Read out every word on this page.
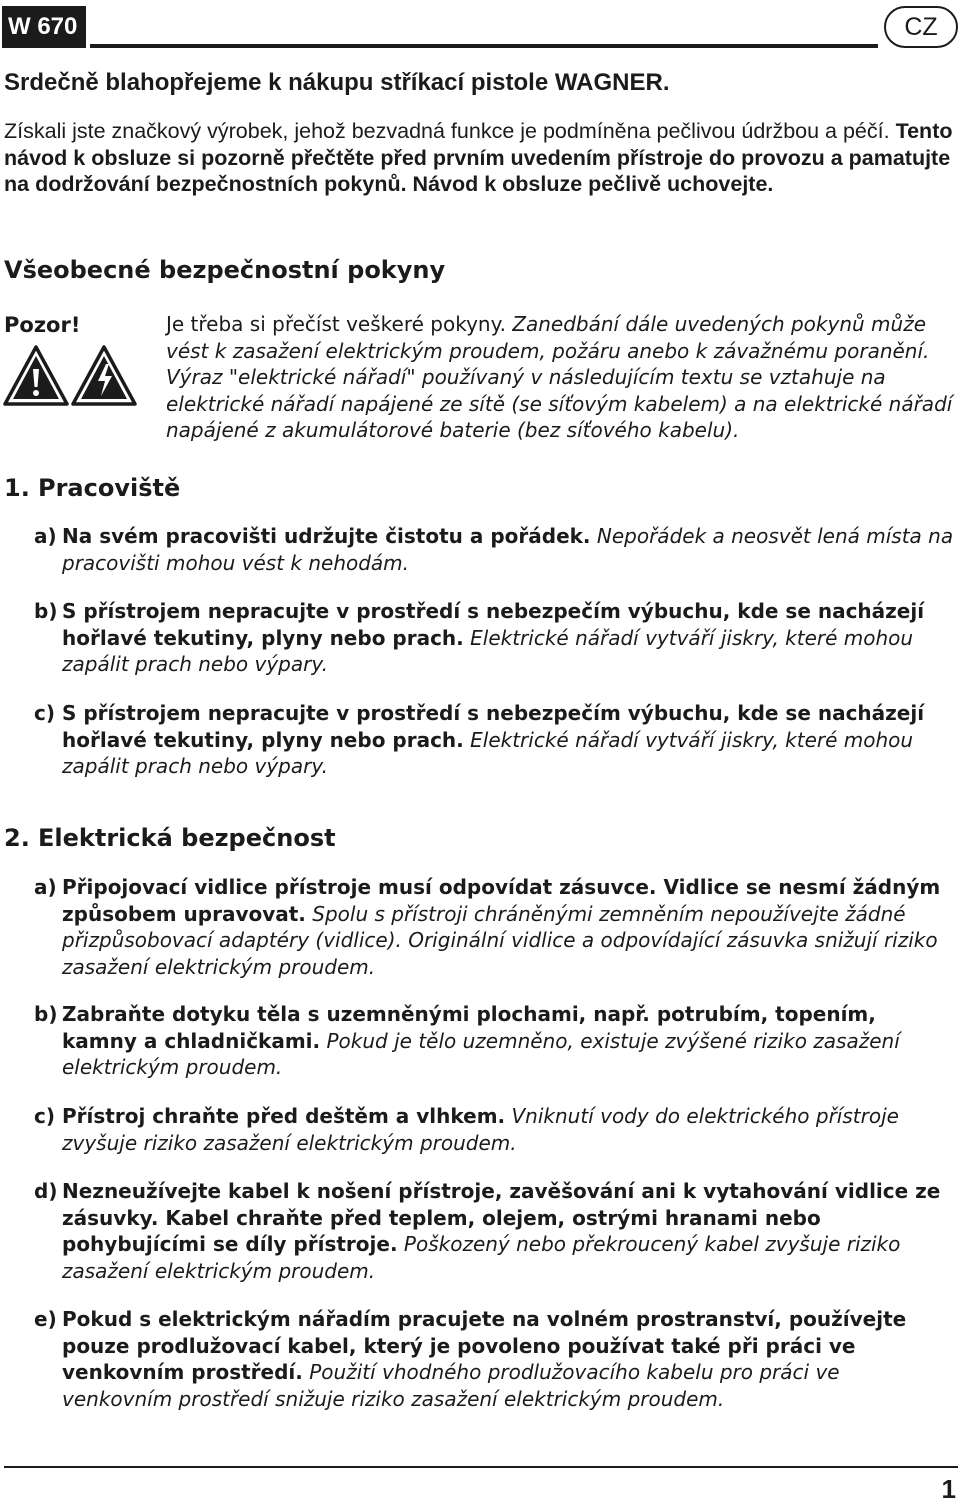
W 670	CZ
Srdečně blahopřejeme k nákupu stříkací pistole WAGNER.

Získali jste značkový výrobek, jehož bezvadná funkce je podmíněna pečlivou údržbou a péčí. Tento návod k obsluze si pozorně přečtěte před prvním uvedením přístroje do provozu a pamatujte na dodržování bezpečnostních pokynů. Návod k obsluze pečlivě uchovejte.

Všeobecné bezpečnostní pokyny
Pozor!	Je třeba si přečíst veškeré pokyny. Zanedbání dále uvedených pokynů může vést k zasažení elektrickým proudem, požáru anebo k závažnému poranění. Výraz "elektrické nářadí" používaný v následujícím textu se vztahuje na elektrické nářadí napájené ze sítě (se síťovým kabelem) a na elektrické nářadí napájené z akumulátorové baterie (bez síťového kabelu).

1. Pracoviště

a) Na svém pracovišti udržujte čistotu a pořádek. Nepořádek a neosvět lená místa na pracovišti mohou vést k nehodám.

b) S přístrojem nepracujte v prostředí s nebezpečím výbuchu, kde se nacházejí hořlavé tekutiny, plyny nebo prach. Elektrické nářadí vytváří jiskry, které mohou zapálit prach nebo výpary.

c) S přístrojem nepracujte v prostředí s nebezpečím výbuchu, kde se nacházejí hořlavé tekutiny, plyny nebo prach. Elektrické nářadí vytváří jiskry, které mohou zapálit prach nebo výpary.

2. Elektrická bezpečnost

a) Připojovací vidlice přístroje musí odpovídat zásuvce. Vidlice se nesmí žádným způsobem upravovat. Spolu s přístroji chráněnými zemněním nepoužívejte žádné přizpůsobovací adaptéry (vidlice). Originální vidlice a odpovídající zásuvka snižují riziko zasažení elektrickým proudem.

b) Zabraňte dotyku těla s uzemněnými plochami, např. potrubím, topením, kamny a chladničkami. Pokud je tělo uzemněno, existuje zvýšené riziko zasažení elektrickým proudem.

c) Přístroj chraňte před deštěm a vlhkem. Vniknutí vody do elektrického přístroje zvyšuje riziko zasažení elektrickým proudem.

d) Nezneužívejte kabel k nošení přístroje, zavěšování ani k vytahování vidlice ze zásuvky. Kabel chraňte před teplem, olejem, ostrými hranami nebo pohybujícími se díly přístroje. Poškozený nebo překroucený kabel zvyšuje riziko zasažení elektrickým proudem.

e) Pokud s elektrickým nářadím pracujete na volném prostranství, používejte pouze prodlužovací kabel, který je povoleno používat také při práci ve venkovním prostředí. Použití vhodného prodlužovacího kabelu pro práci ve venkovním prostředí snižuje riziko zasažení elektrickým proudem.

1
